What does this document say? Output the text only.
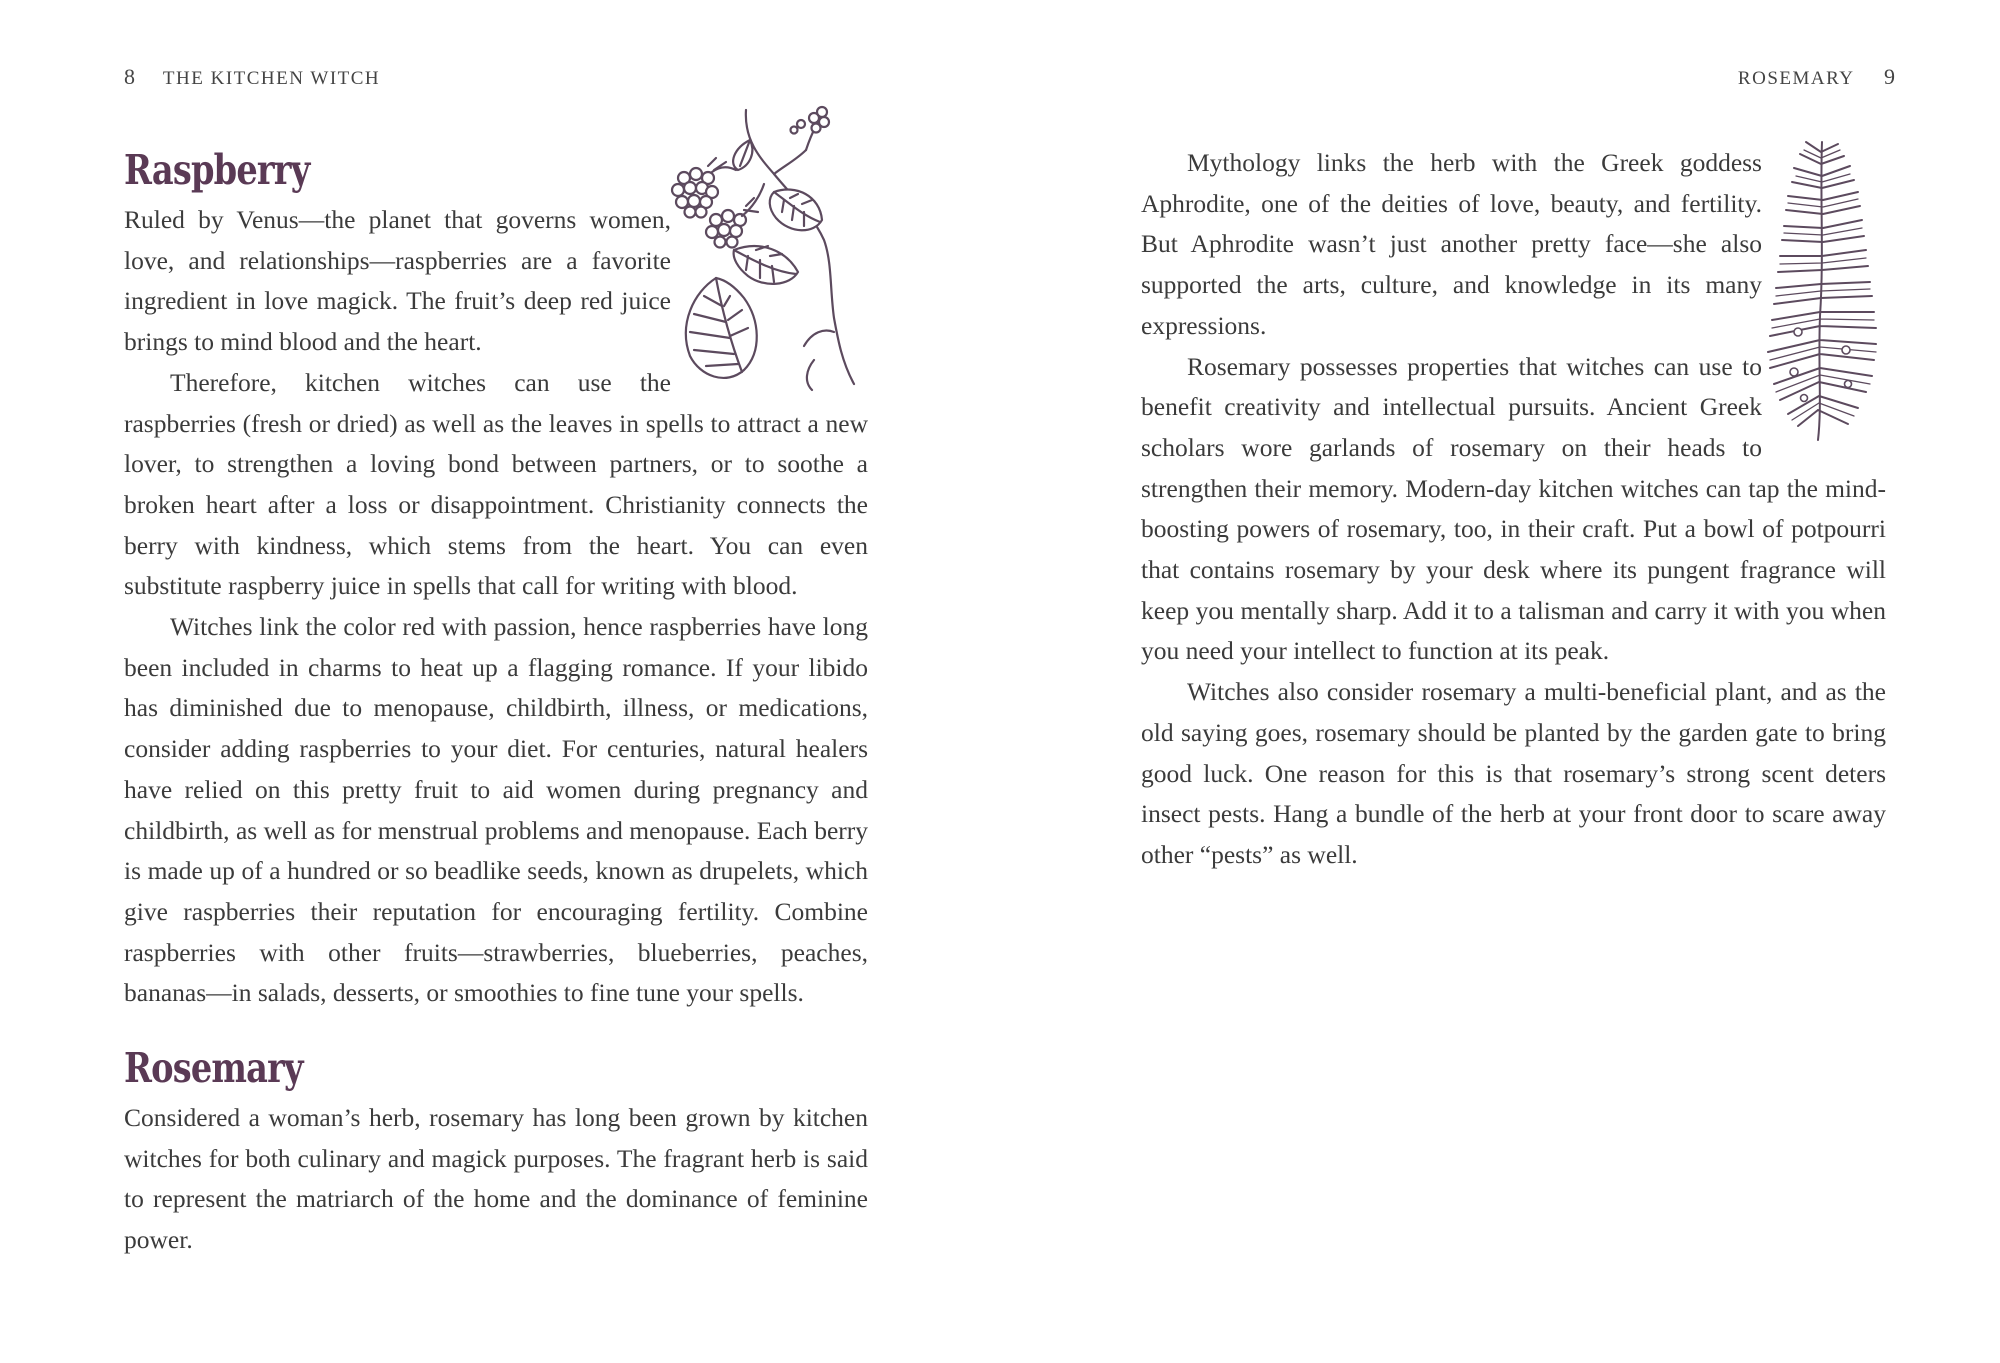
8 THE KITCHEN WITCH
Raspberry

Ruled by Venus—the planet that governs women, love, and relationships—raspberries are a favorite ingredient in love magick. The fruit’s deep red juice brings to mind blood and the heart.

Therefore, kitchen witches can use the raspberries (fresh or dried) as well as the leaves in spells to attract a new lover, to strengthen a loving bond between partners, or to soothe a broken heart after a loss or disappointment. Christianity connects the berry with kindness, which stems from the heart. You can even substitute raspberry juice in spells that call for writing with blood.

Witches link the color red with passion, hence raspberries have long been included in charms to heat up a flagging romance. If your libido has diminished due to menopause, childbirth, illness, or medications, consider adding raspberries to your diet. For centuries, natural healers have relied on this pretty fruit to aid women during pregnancy and childbirth, as well as for menstrual problems and menopause. Each berry is made up of a hundred or so beadlike seeds, known as drupelets, which give raspberries their reputation for encouraging fertility. Combine raspberries with other fruits—strawberries, blueberries, peaches, bananas—in salads, desserts, or smoothies to fine tune your spells.

Rosemary

Considered a woman’s herb, rosemary has long been grown by kitchen witches for both culinary and magick purposes. The fragrant herb is said to represent the matriarch of the home and the dominance of feminine power.

ROSEMARY 9

Mythology links the herb with the Greek goddess Aphrodite, one of the deities of love, beauty, and fertility. But Aphrodite wasn’t just another pretty face—she also supported the arts, culture, and knowledge in its many expressions.

Rosemary possesses properties that witches can use to benefit creativity and intellectual pursuits. Ancient Greek scholars wore garlands of rosemary on their heads to strengthen their memory. Modern-day kitchen witches can tap the mind-boosting powers of rosemary, too, in their craft. Put a bowl of potpourri that contains rosemary by your desk where its pungent fragrance will keep you mentally sharp. Add it to a talisman and carry it with you when you need your intellect to function at its peak.

Witches also consider rosemary a multi-beneficial plant, and as the old saying goes, rosemary should be planted by the garden gate to bring good luck. One reason for this is that rosemary’s strong scent deters insect pests. Hang a bundle of the herb at your front door to scare away other “pests” as well.
